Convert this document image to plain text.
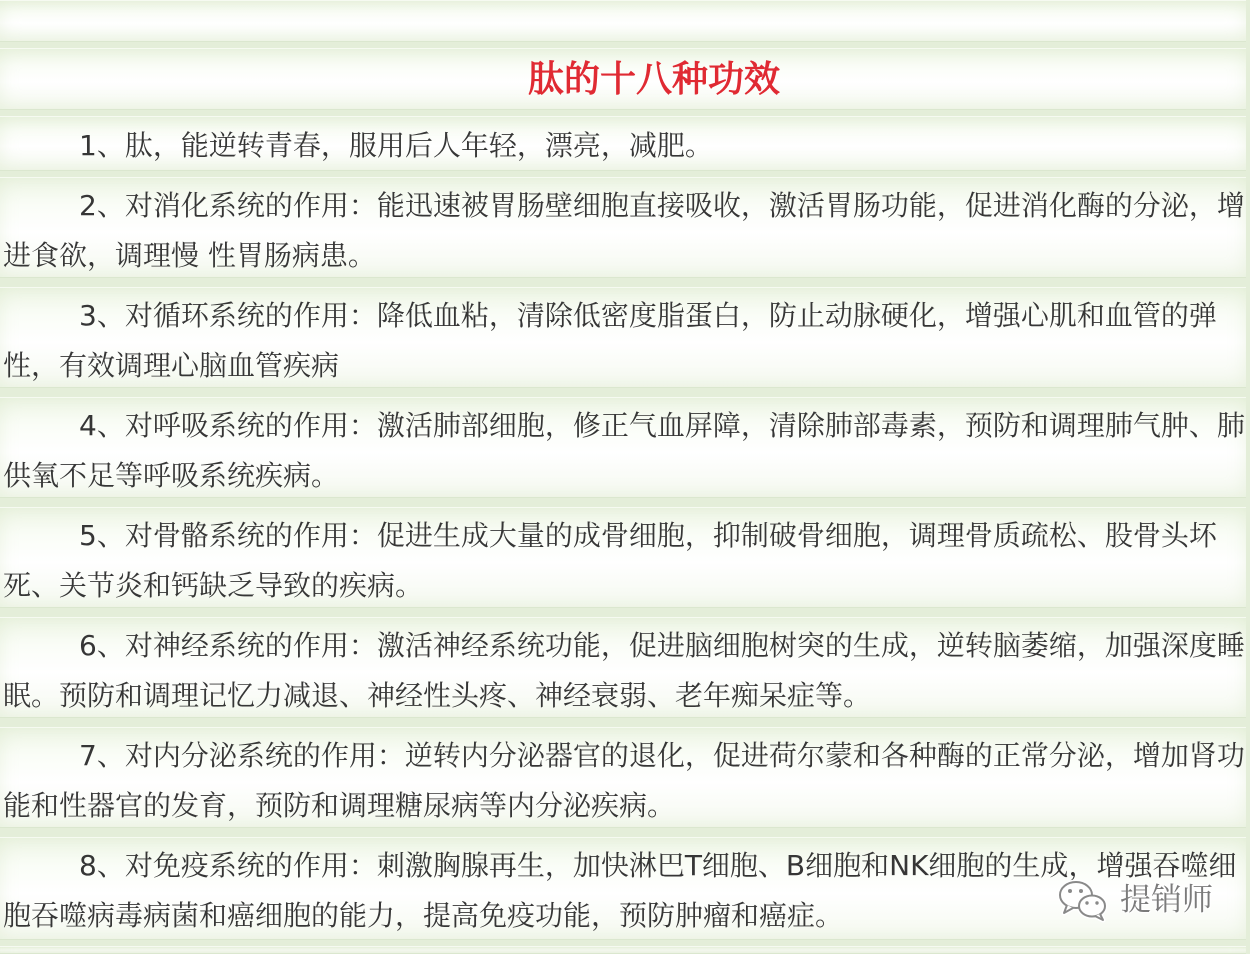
肽的十八种功效

1、肽，能逆转青春，服用后人年轻，漂亮，减肥。

2、对消化系统的作用：能迅速被胃肠壁细胞直接吸收，激活胃肠功能，促进消化酶的分泌，增

进食欲，调理慢 性胃肠病患。

3、对循环系统的作用：降低血粘，清除低密度脂蛋白，防止动脉硬化，增强心肌和血管的弹

性，有效调理心脑血管疾病

4、对呼吸系统的作用：激活肺部细胞，修正气血屏障，清除肺部毒素，预防和调理肺气肿、肺

供氧不足等呼吸系统疾病。

5、对骨骼系统的作用：促进生成大量的成骨细胞，抑制破骨细胞，调理骨质疏松、股骨头坏

死、关节炎和钙缺乏导致的疾病。

6、对神经系统的作用：激活神经系统功能，促进脑细胞树突的生成，逆转脑萎缩，加强深度睡

眠。预防和调理记忆力减退、神经性头疼、神经衰弱、老年痴呆症等。

7、对内分泌系统的作用：逆转内分泌器官的退化，促进荷尔蒙和各种酶的正常分泌，增加肾功

能和性器官的发育，预防和调理糖尿病等内分泌疾病。

8、对免疫系统的作用：刺激胸腺再生，加快淋巴T细胞、B细胞和NK细胞的生成，增强吞噬细

胞吞噬病毒病菌和癌细胞的能力，提高免疫功能，预防肿瘤和癌症。	提销师
